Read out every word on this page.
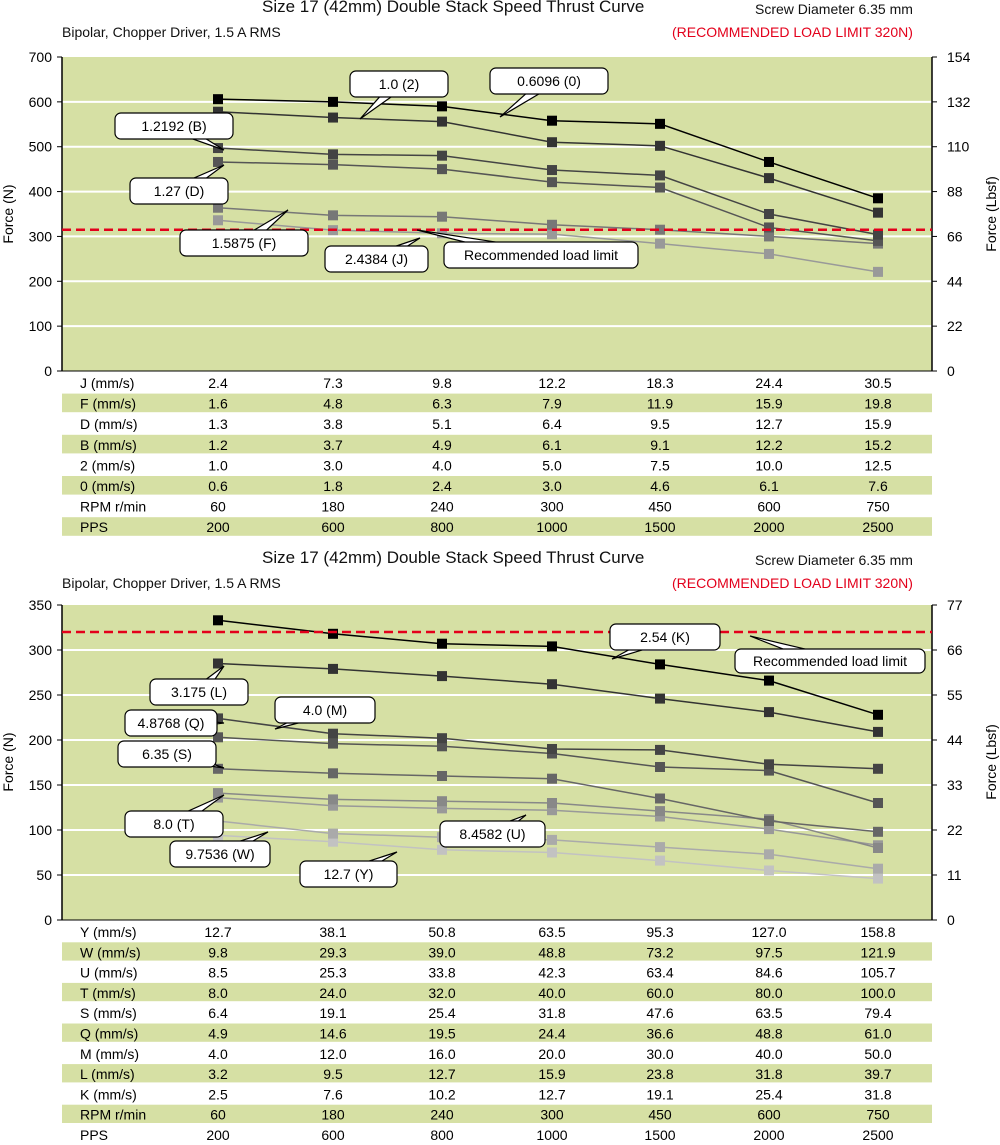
Size 17 (42mm) Double Stack Speed Thrust Curve	Screw Diameter 6.35 mm
Bipolar, Chopper Driver, 1.5 A RMS	(RECOMMENDED LOAD LIMIT 320N)
Size 17 (42mm) Double Stack Speed Thrust Curve	Screw Diameter 6.35 mm
Bipolar, Chopper Driver, 1.5 A RMS	(RECOMMENDED LOAD LIMIT 320N)
0	0
100	22
200	44
300	66
400	88
500	110
600	132
700	154
Force (N)	Force (Lbsf)
0.6096 (0)
1.0 (2)
1.2192 (B)
1.27 (D)
1.5875 (F)
2.4384 (J)	Recommended load limit
J (mm/s)	2.4	7.3	9.8	12.2	18.3	24.4	30.5
F (mm/s)	1.6	4.8	6.3	7.9	11.9	15.9	19.8
D (mm/s)	1.3	3.8	5.1	6.4	9.5	12.7	15.9
B (mm/s)	1.2	3.7	4.9	6.1	9.1	12.2	15.2
2 (mm/s)	1.0	3.0	4.0	5.0	7.5	10.0	12.5
0 (mm/s)	0.6	1.8	2.4	3.0	4.6	6.1	7.6
RPM r/min	60	180	240	300	450	600	750
PPS	200	600	800	1000	1500	2000	2500
0	0
50	11
100	22
150	33
200	44
250	55
300	66
350	77
Force (N)	Force (Lbsf)
2.54 (K)
3.175 (L)
4.0 (M)
4.8768 (Q)
6.35 (S)
8.0 (T)
8.4582 (U)
9.7536 (W)
12.7 (Y)
Recommended load limit
Y (mm/s)	12.7	38.1	50.8	63.5	95.3	127.0	158.8
W (mm/s)	9.8	29.3	39.0	48.8	73.2	97.5	121.9
U (mm/s)	8.5	25.3	33.8	42.3	63.4	84.6	105.7
T (mm/s)	8.0	24.0	32.0	40.0	60.0	80.0	100.0
S (mm/s)	6.4	19.1	25.4	31.8	47.6	63.5	79.4
Q (mm/s)	4.9	14.6	19.5	24.4	36.6	48.8	61.0
M (mm/s)	4.0	12.0	16.0	20.0	30.0	40.0	50.0
L (mm/s)	3.2	9.5	12.7	15.9	23.8	31.8	39.7
K (mm/s)	2.5	7.6	10.2	12.7	19.1	25.4	31.8
RPM r/min	60	180	240	300	450	600	750
PPS	200	600	800	1000	1500	2000	2500
